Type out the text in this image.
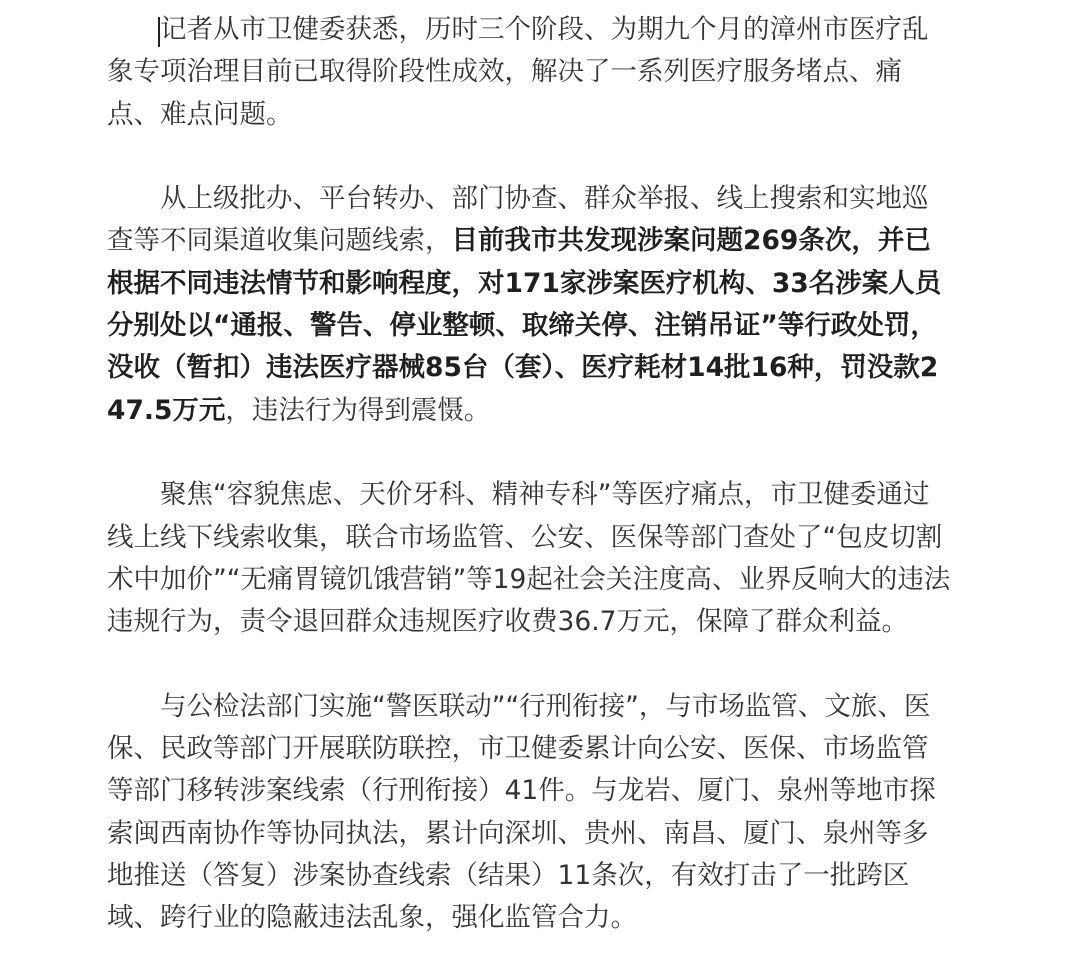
记者从市卫健委获悉，历时三个阶段、为期九个月的漳州市医疗乱象专项治理目前已取得阶段性成效，解决了一系列医疗服务堵点、痛点、难点问题。

从上级批办、平台转办、部门协查、群众举报、线上搜索和实地巡查等不同渠道收集问题线索，目前我市共发现涉案问题269条次，并已根据不同违法情节和影响程度，对171家涉案医疗机构、33名涉案人员分别处以“通报、警告、停业整顿、取缔关停、注销吊证”等行政处罚，没收（暂扣）违法医疗器械85台（套）、医疗耗材14批16种，罚没款247.5万元，违法行为得到震慑。

聚焦“容貌焦虑、天价牙科、精神专科”等医疗痛点，市卫健委通过线上线下线索收集，联合市场监管、公安、医保等部门查处了“包皮切割术中加价”“无痛胃镜饥饿营销”等19起社会关注度高、业界反响大的违法违规行为，责令退回群众违规医疗收费36.7万元，保障了群众利益。

与公检法部门实施“警医联动”“行刑衔接”，与市场监管、文旅、医保、民政等部门开展联防联控，市卫健委累计向公安、医保、市场监管等部门移转涉案线索（行刑衔接）41件。与龙岩、厦门、泉州等地市探索闽西南协作等协同执法，累计向深圳、贵州、南昌、厦门、泉州等多地推送（答复）涉案协查线索（结果）11条次，有效打击了一批跨区域、跨行业的隐蔽违法乱象，强化监管合力。
